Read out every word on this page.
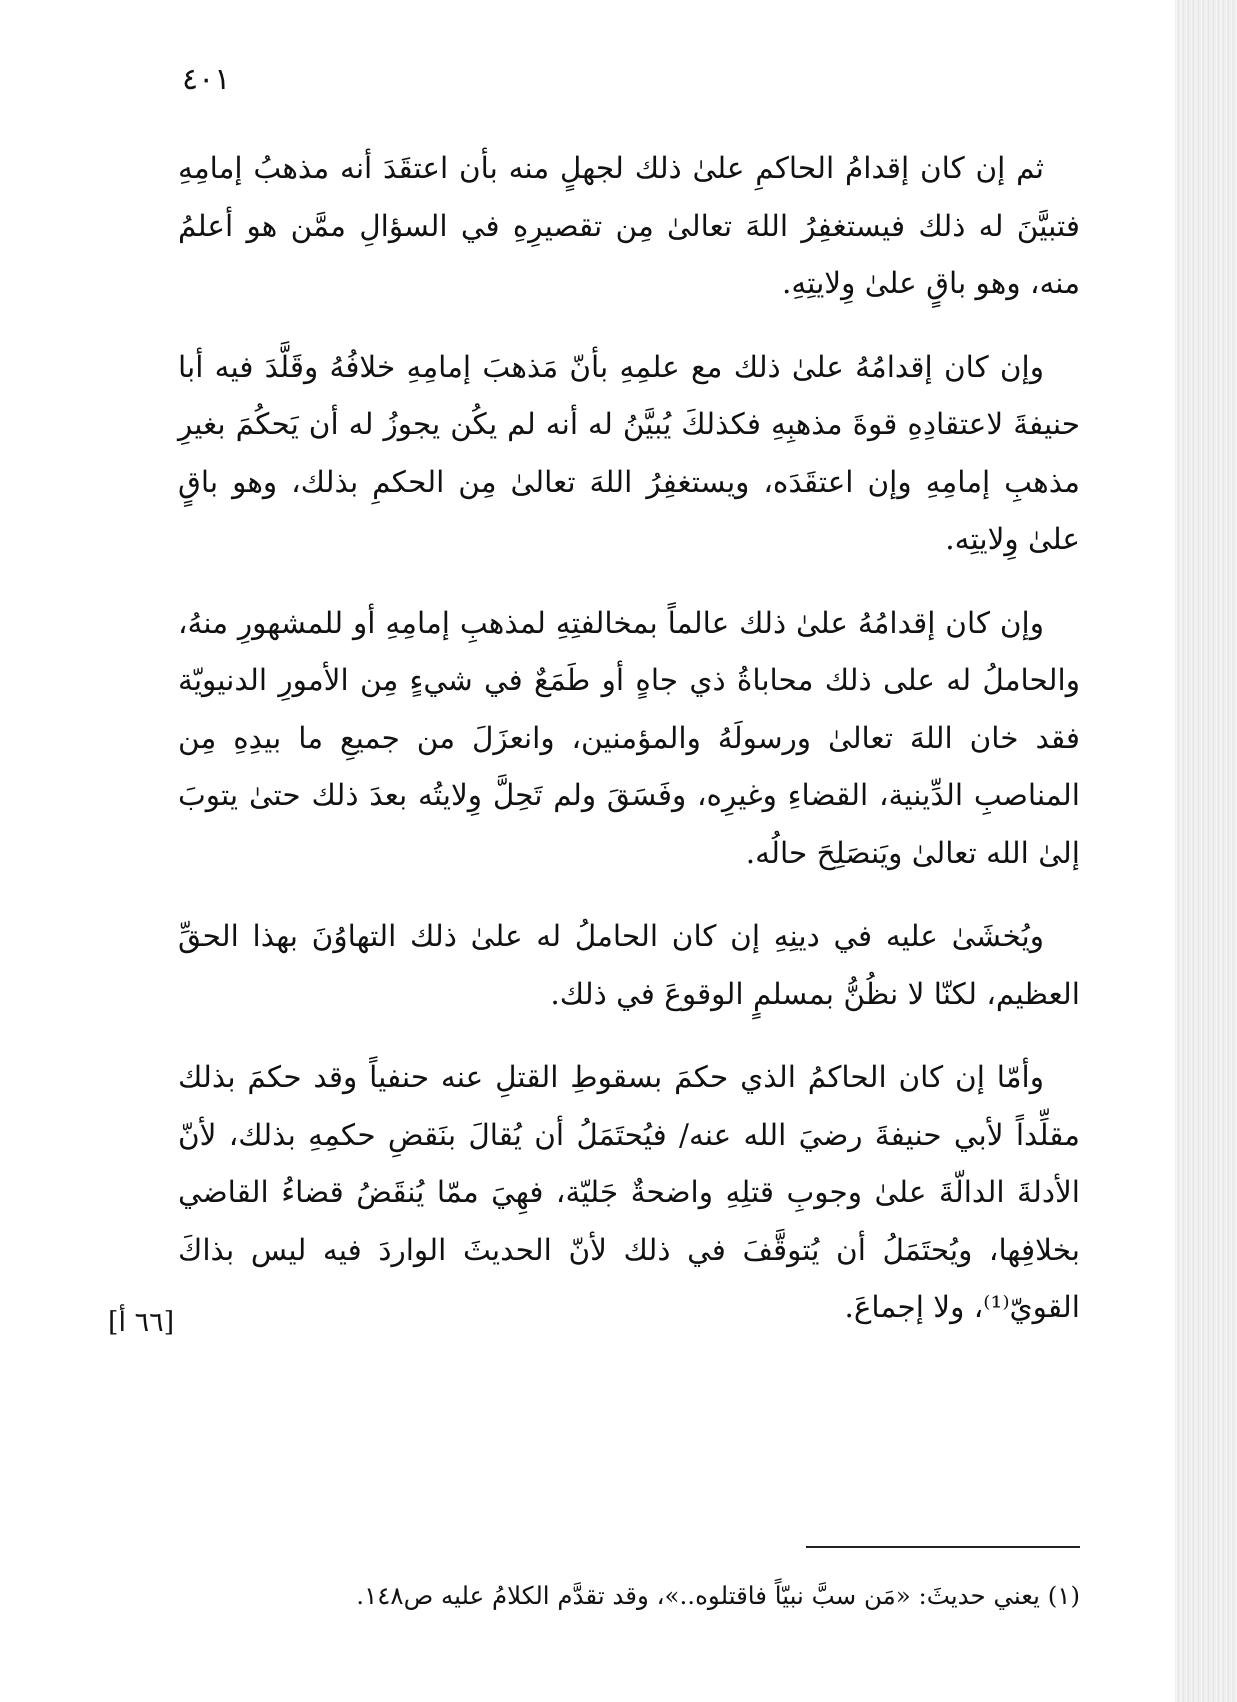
٤٠١

ثم إن كان إقدامُ الحاكمِ علىٰ ذلك لجهلٍ منه بأن اعتقَدَ أنه مذهبُ إمامِهِ فتبيَّنَ له ذلك فيستغفِرُ اللهَ تعالىٰ مِن تقصيرِهِ في السؤالِ ممَّن هو أعلمُ منه، وهو باقٍ علىٰ وِلايتِهِ.

وإن كان إقدامُهُ علىٰ ذلك مع علمِهِ بأنّ مَذهبَ إمامِهِ خلافُهُ وقَلَّدَ فيه أبا حنيفةَ لاعتقادِهِ قوةَ مذهبِهِ فكذلكَ يُبيَّنُ له أنه لم يكُن يجوزُ له أن يَحكُمَ بغيرِ مذهبِ إمامِهِ وإن اعتقَدَه، ويستغفِرُ اللهَ تعالىٰ مِن الحكمِ بذلك، وهو باقٍ علىٰ وِلايتِه.

وإن كان إقدامُهُ علىٰ ذلك عالماً بمخالفتِهِ لمذهبِ إمامِهِ أو للمشهورِ منهُ، والحاملُ له على ذلك محاباةُ ذي جاهٍ أو طَمَعٌ في شيءٍ مِن الأمورِ الدنيويّة فقد خان اللهَ تعالىٰ ورسولَهُ والمؤمنين، وانعزَلَ من جميعِ ما بيدِهِ مِن المناصبِ الدِّينية، القضاءِ وغيرِه، وفَسَقَ ولم تَحِلَّ وِلايتُه بعدَ ذلك حتىٰ يتوبَ إلىٰ الله تعالىٰ ويَنصَلِحَ حالُه.

ويُخشَىٰ عليه في دينِهِ إن كان الحاملُ له علىٰ ذلك التهاوُنَ بهذا الحقِّ العظيم، لكنّا لا نظُنُّ بمسلمٍ الوقوعَ في ذلك.

وأمّا إن كان الحاكمُ الذي حكمَ بسقوطِ القتلِ عنه حنفياً وقد حكمَ بذلك مقلِّداً لأبي حنيفةَ رضيَ الله عنه/ فيُحتَمَلُ أن يُقالَ بنَقضِ حكمِهِ بذلك، لأنّ الأدلةَ الدالّةَ علىٰ وجوبِ قتلِهِ واضحةٌ جَليّة، فهِيَ ممّا يُنقَضُ قضاءُ القاضي بخلافِها، ويُحتَمَلُ أن يُتوقَّفَ في ذلك لأنّ الحديثَ الواردَ فيه ليس بذاكَ القويّ⁽¹⁾، ولا إجماعَ.

[٦٦ أ]
(١) يعني حديثَ: «مَن سبَّ نبيّاً فاقتلوه..»، وقد تقدَّم الكلامُ عليه ص١٤٨.
